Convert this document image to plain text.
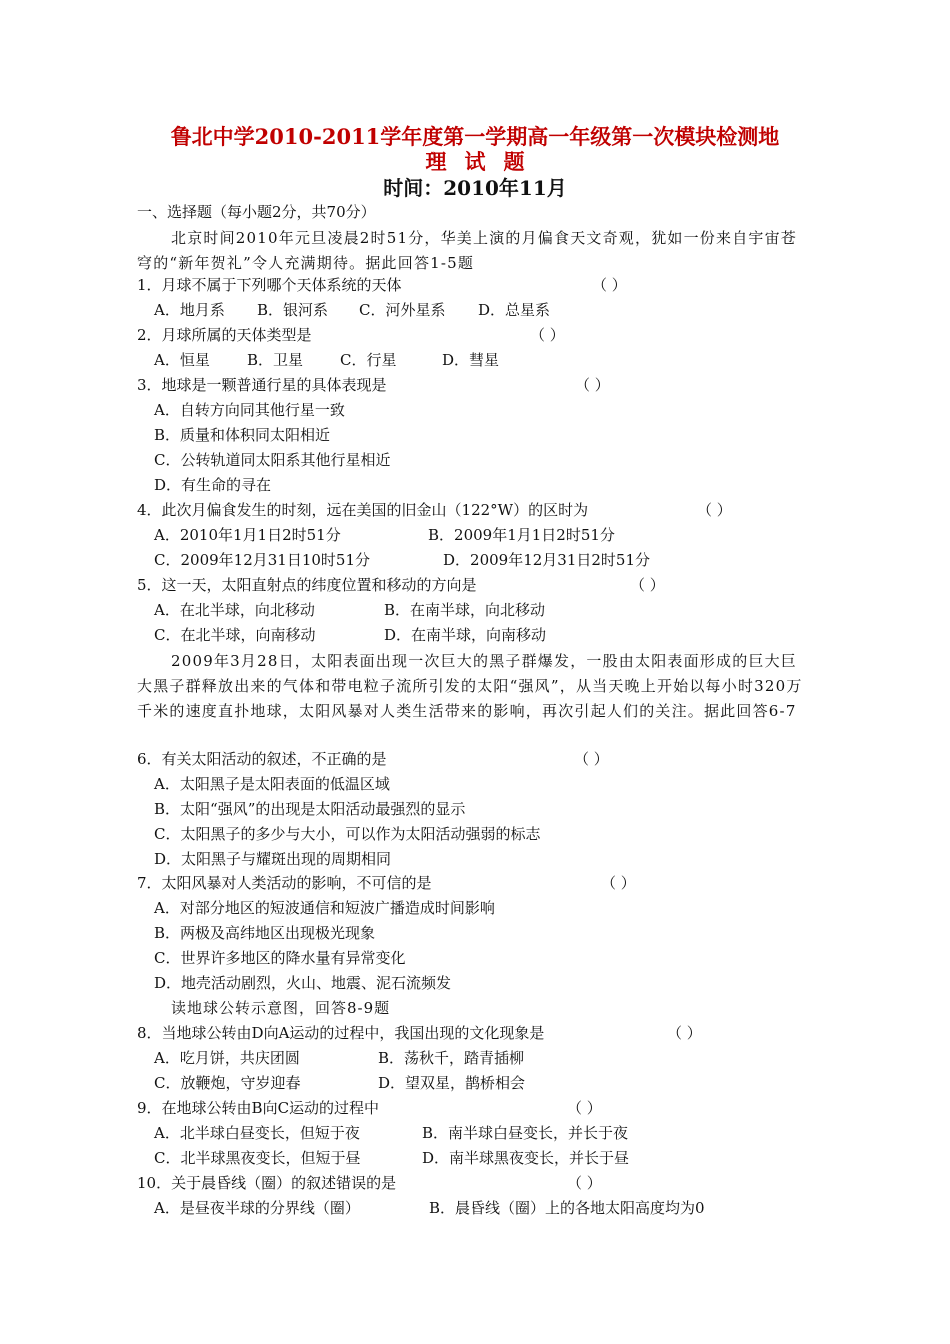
鲁北中学2010-2011学年度第一学期高一年级第一次模块检测地
理试题
时间：2010年11月
一、选择题（每小题2分，共70分）
北京时间2010年元旦凌晨2时51分，华美上演的月偏食天文奇观，犹如一份来自宇宙苍穹的“新年贺礼”令人充满期待。据此回答1-5题
1．月球不属于下列哪个天体系统的天体	（ ）
A．地月系 B．银河系 C．河外星系 D．总星系
2．月球所属的天体类型是	（ ）
A．恒星 B．卫星 C．行星	D．彗星
3．地球是一颗普通行星的具体表现是	（ ）
A．自转方向同其他行星一致
B．质量和体积同太阳相近
C．公转轨道同太阳系其他行星相近
D．有生命的寻在
4．此次月偏食发生的时刻，远在美国的旧金山（122°W）的区时为	（ ）
A．2010年1月1日2时51分	B．2009年1月1日2时51分
C．2009年12月31日10时51分	D．2009年12月31日2时51分
5．这一天，太阳直射点的纬度位置和移动的方向是	（ ）
A．在北半球，向北移动	B．在南半球，向北移动
C．在北半球，向南移动	D．在南半球，向南移动
2009年3月28日，太阳表面出现一次巨大的黑子群爆发，一股由太阳表面形成的巨大巨大黑子群释放出来的气体和带电粒子流所引发的太阳“强风”，从当天晚上开始以每小时320万千米的速度直扑地球，太阳风暴对人类生活带来的影响，再次引起人们的关注。据此回答6-7
6．有关太阳活动的叙述，不正确的是	（ ）
A．太阳黑子是太阳表面的低温区域
B．太阳“强风”的出现是太阳活动最强烈的显示
C．太阳黑子的多少与大小，可以作为太阳活动强弱的标志
D．太阳黑子与耀斑出现的周期相同
7．太阳风暴对人类活动的影响，不可信的是	（ ）
A．对部分地区的短波通信和短波广播造成时间影响
B．两极及高纬地区出现极光现象
C．世界许多地区的降水量有异常变化
D．地壳活动剧烈，火山、地震、泥石流频发
读地球公转示意图，回答8-9题
8．当地球公转由D向A运动的过程中，我国出现的文化现象是	（ ）
A．吃月饼，共庆团圆	B．荡秋千，踏青插柳
C．放鞭炮，守岁迎春	D．望双星，鹊桥相会
9．在地球公转由B向C运动的过程中	（ ）
A．北半球白昼变长，但短于夜	B．南半球白昼变长，并长于夜
C．北半球黑夜变长，但短于昼	D．南半球黑夜变长，并长于昼
10．关于晨昏线（圈）的叙述错误的是	（ ）
A．是昼夜半球的分界线（圈）	B．晨昏线（圈）上的各地太阳高度均为0
